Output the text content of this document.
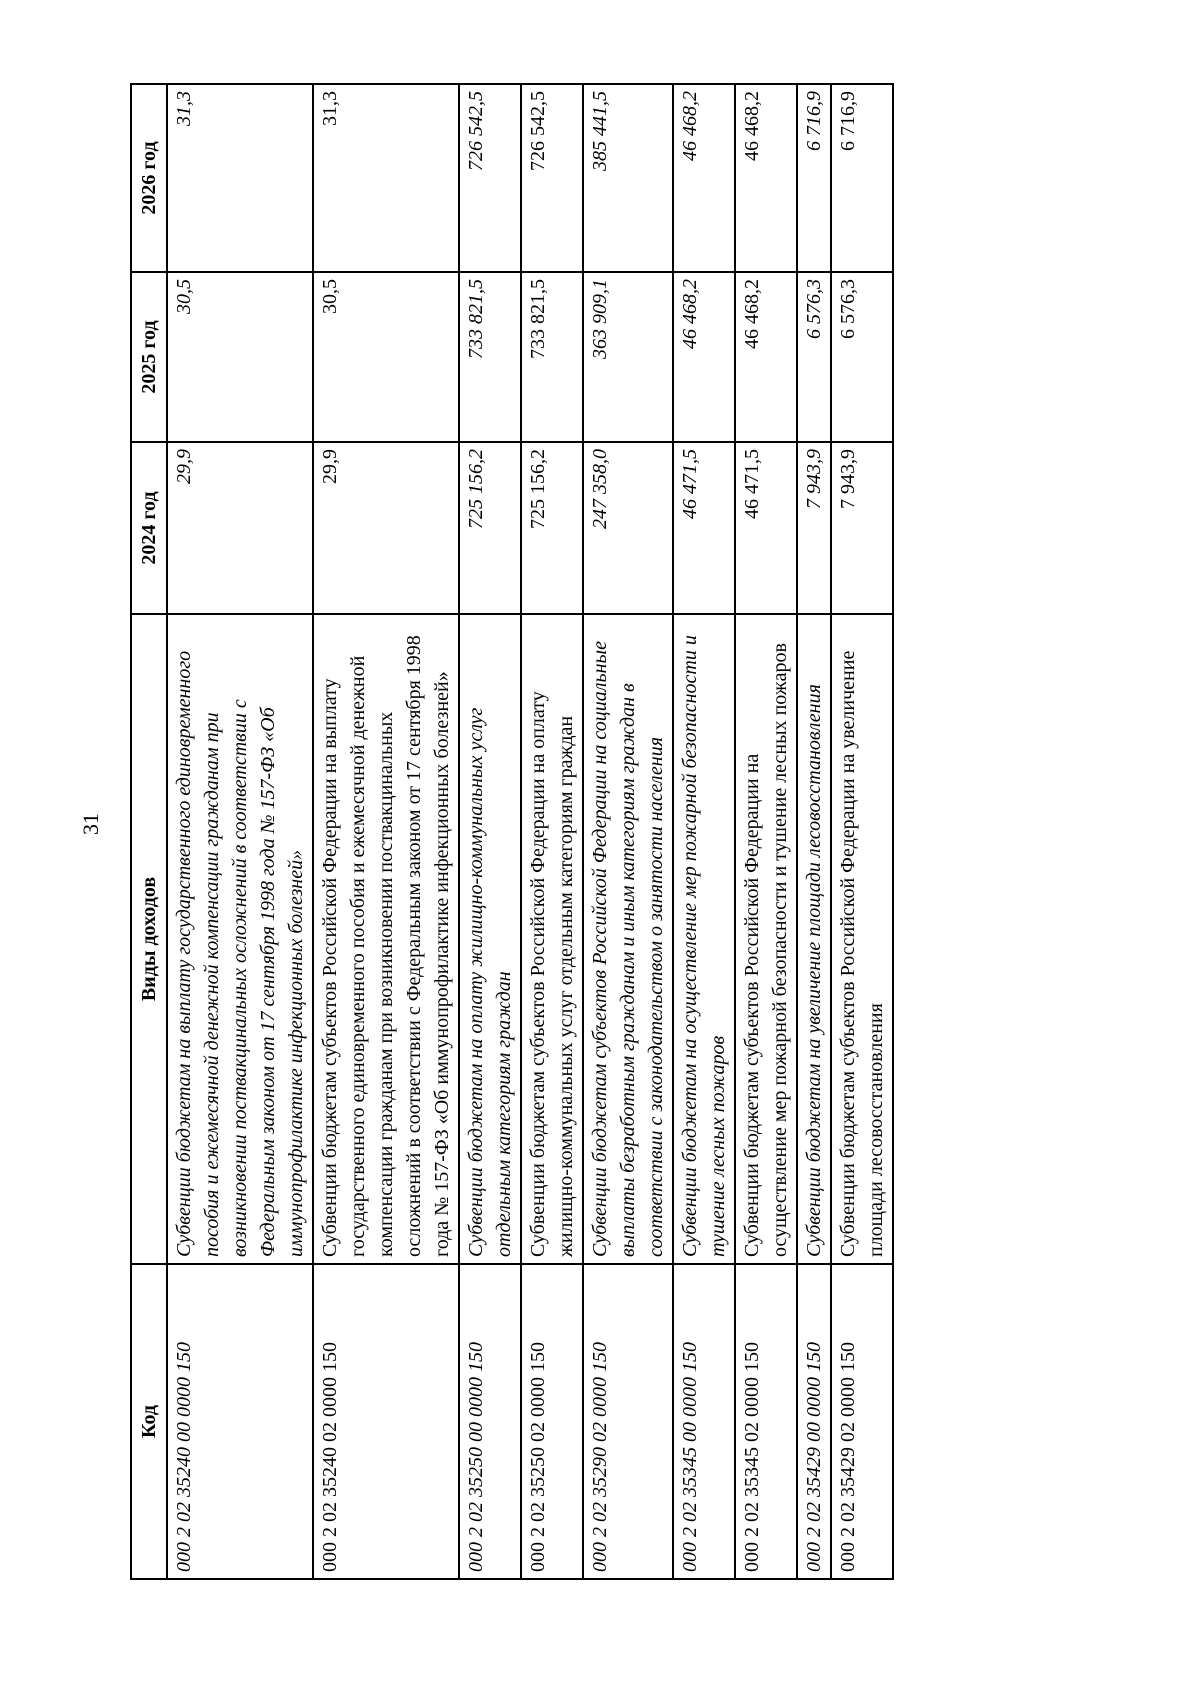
31
Код	Виды доходов	2024 год	2025 год	2026 год
000 2 02 35240 00 0000 150	Субвенции бюджетам на выплату государственного единовременного пособия и ежемесячной денежной компенсации гражданам при возникновении поствакцинальных осложнений в соответствии с Федеральным законом от 17 сентября 1998 года № 157-ФЗ «Об иммунопрофилактике инфекционных болезней»	29,9	30,5	31,3
000 2 02 35240 02 0000 150	Субвенции бюджетам субъектов Российской Федерации на выплату государственного единовременного пособия и ежемесячной денежной компенсации гражданам при возникновении поствакцинальных осложнений в соответствии с Федеральным законом от 17 сентября 1998 года № 157-ФЗ «Об иммунопрофилактике инфекционных болезней»	29,9	30,5	31,3
000 2 02 35250 00 0000 150	Субвенции бюджетам на оплату жилищно-коммунальных услуг отдельным категориям граждан	725 156,2	733 821,5	726 542,5
000 2 02 35250 02 0000 150	Субвенции бюджетам субъектов Российской Федерации на оплату жилищно-коммунальных услуг отдельным категориям граждан	725 156,2	733 821,5	726 542,5
000 2 02 35290 02 0000 150	Субвенции бюджетам субъектов Российской Федерации на социальные выплаты безработным гражданам и иным категориям граждан в соответствии с законодательством о занятости населения	247 358,0	363 909,1	385 441,5
000 2 02 35345 00 0000 150	Субвенции бюджетам на осуществление мер пожарной безопасности и тушение лесных пожаров	46 471,5	46 468,2	46 468,2
000 2 02 35345 02 0000 150	Субвенции бюджетам субъектов Российской Федерации на осуществление мер пожарной безопасности и тушение лесных пожаров	46 471,5	46 468,2	46 468,2
000 2 02 35429 00 0000 150	Субвенции бюджетам на увеличение площади лесовосстановления	7 943,9	6 576,3	6 716,9
000 2 02 35429 02 0000 150	Субвенции бюджетам субъектов Российской Федерации на увеличение площади лесовосстановления	7 943,9	6 576,3	6 716,9
